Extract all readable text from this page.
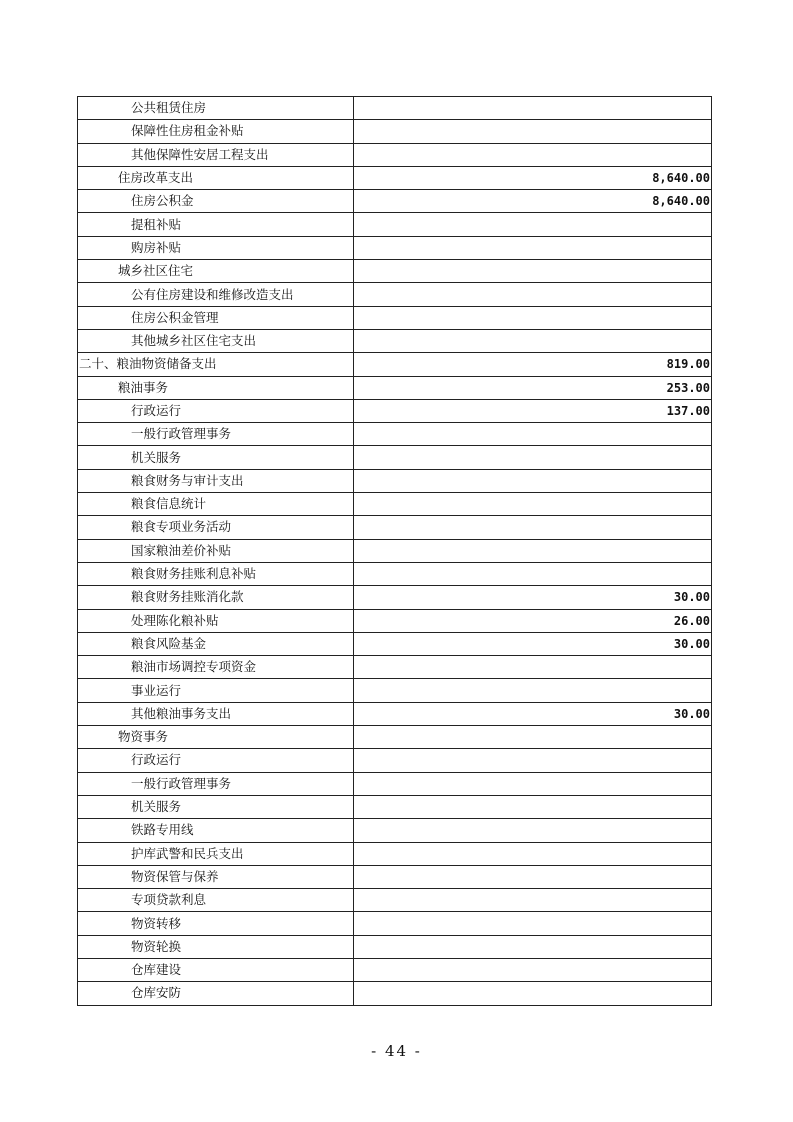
公共租赁住房	
保障性住房租金补贴	
其他保障性安居工程支出	
住房改革支出	8,640.00
住房公积金	8,640.00
提租补贴	
购房补贴	
城乡社区住宅	
公有住房建设和维修改造支出	
住房公积金管理	
其他城乡社区住宅支出	
二十、粮油物资储备支出	819.00
粮油事务	253.00
行政运行	137.00
一般行政管理事务	
机关服务	
粮食财务与审计支出	
粮食信息统计	
粮食专项业务活动	
国家粮油差价补贴	
粮食财务挂账利息补贴	
粮食财务挂账消化款	30.00
处理陈化粮补贴	26.00
粮食风险基金	30.00
粮油市场调控专项资金	
事业运行	
其他粮油事务支出	30.00
物资事务	
行政运行	
一般行政管理事务	
机关服务	
铁路专用线	
护库武警和民兵支出	
物资保管与保养	
专项贷款利息	
物资转移	
物资轮换	
仓库建设	
仓库安防	
- 44 -
